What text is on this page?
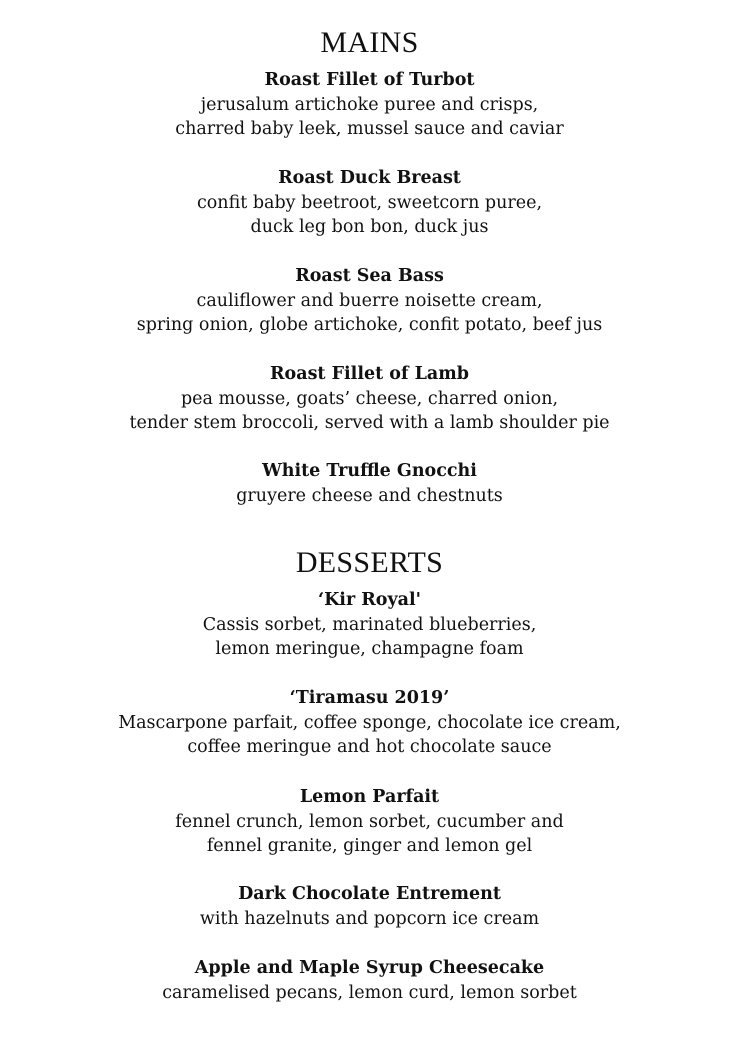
MAINS

Roast Fillet of Turbot

jerusalum artichoke puree and crisps,

charred baby leek, mussel sauce and caviar

Roast Duck Breast

confit baby beetroot, sweetcorn puree,

duck leg bon bon, duck jus

Roast Sea Bass

cauliflower and buerre noisette cream,

spring onion, globe artichoke, confit potato, beef jus

Roast Fillet of Lamb

pea mousse, goats’ cheese, charred onion,

tender stem broccoli, served with a lamb shoulder pie

White Truffle Gnocchi

gruyere cheese and chestnuts

DESSERTS

‘Kir Royal'

Cassis sorbet, marinated blueberries,

lemon meringue, champagne foam

‘Tiramasu 2019’

Mascarpone parfait, coffee sponge, chocolate ice cream,

coffee meringue and hot chocolate sauce

Lemon Parfait

fennel crunch, lemon sorbet, cucumber and

fennel granite, ginger and lemon gel

Dark Chocolate Entrement

with hazelnuts and popcorn ice cream

Apple and Maple Syrup Cheesecake

caramelised pecans, lemon curd, lemon sorbet
